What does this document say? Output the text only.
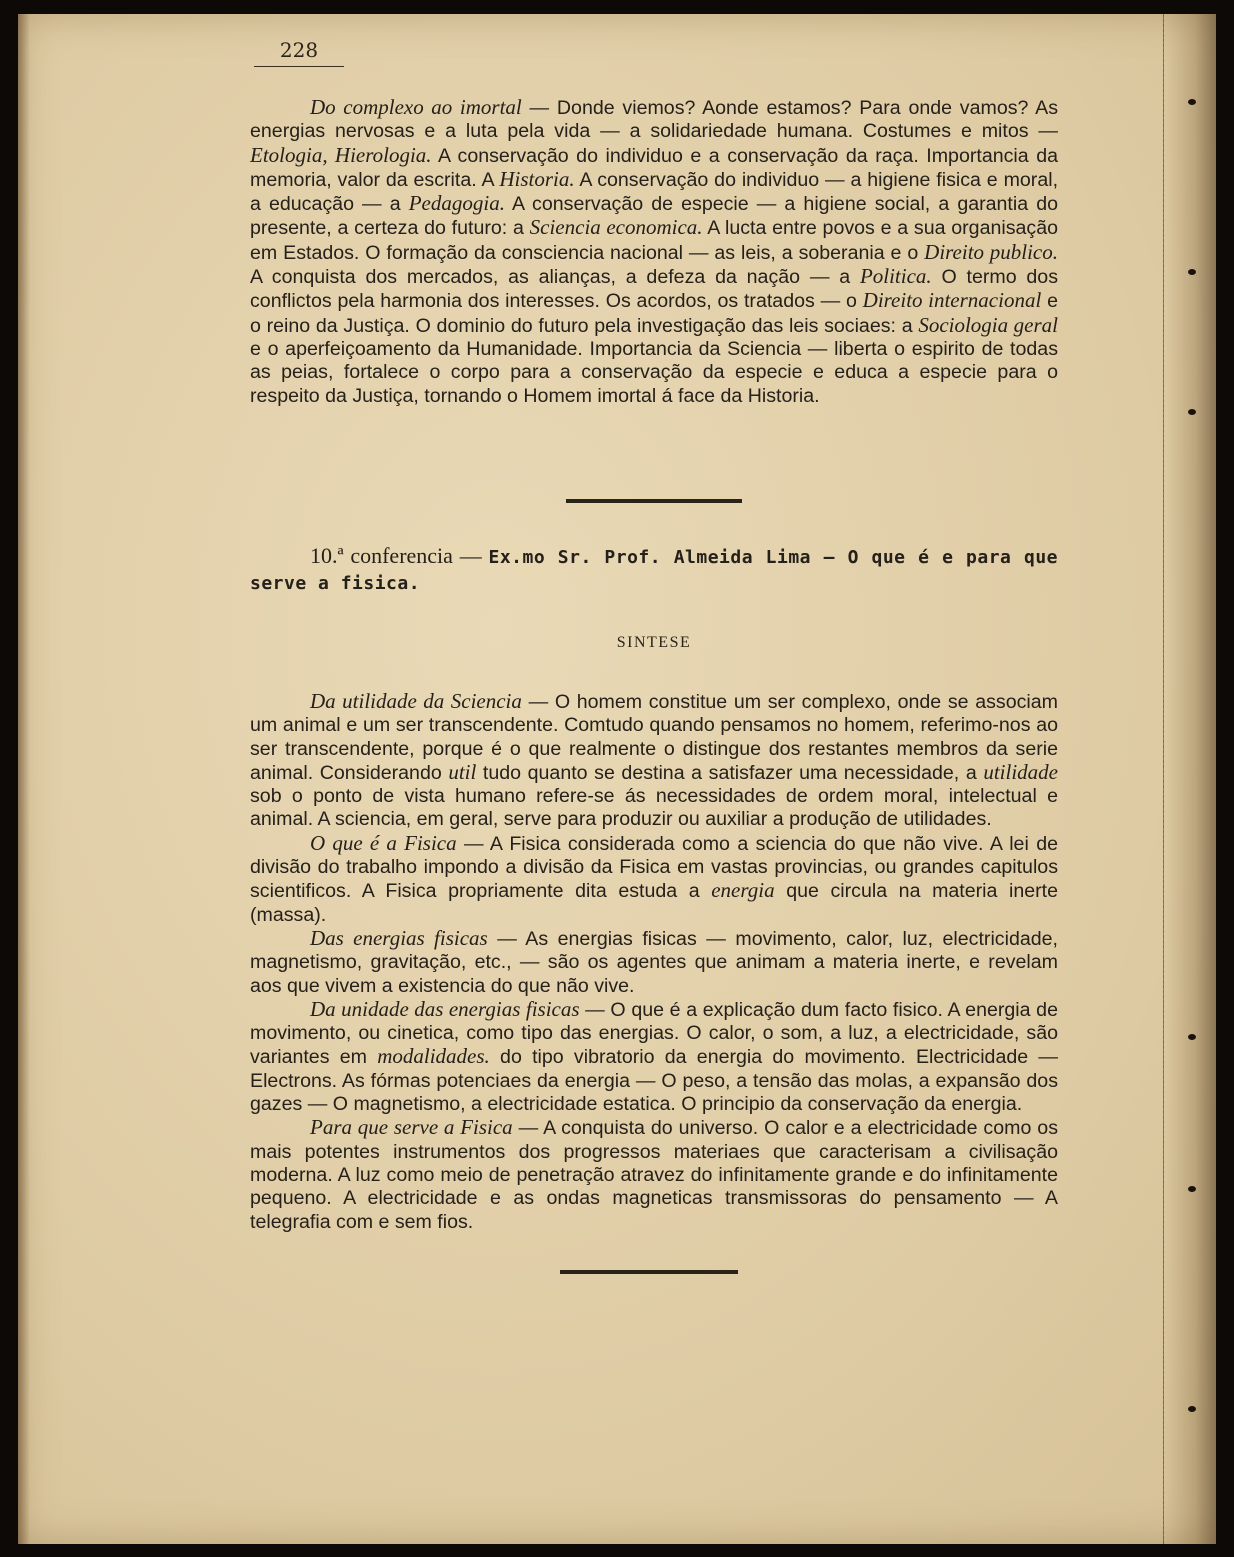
228

Do complexo ao imortal — Donde viemos? Aonde estamos? Para onde vamos? As energias nervosas e a luta pela vida — a solidariedade humana. Costumes e mitos — Etologia, Hierologia. A conservação do individuo e a conservação da raça. Importancia da memoria, valor da escrita. A Historia. A conservação do individuo — a higiene fisica e moral, a educação — a Pedagogia. A conservação de especie — a higiene social, a garantia do presente, a certeza do futuro: a Sciencia economica. A lucta entre povos e a sua organisação em Estados. O formação da consciencia nacional — as leis, a soberania e o Direito publico. A conquista dos mercados, as alianças, a defeza da nação — a Politica. O termo dos conflictos pela harmonia dos interesses. Os acordos, os tratados — o Direito internacional e o reino da Justiça. O dominio do futuro pela investigação das leis sociaes: a Sociologia geral e o aperfeiçoamento da Humanidade. Importancia da Sciencia — liberta o espirito de todas as peias, fortalece o corpo para a conservação da especie e educa a especie para o respeito da Justiça, tornando o Homem imortal á face da Historia.

10.ª conferencia — Ex.mo Sr. Prof. Almeida Lima — O que é e para que serve a fisica.
SINTESE

Da utilidade da Sciencia — O homem constitue um ser complexo, onde se associam um animal e um ser transcendente. Comtudo quando pensamos no homem, referimo-nos ao ser transcendente, porque é o que realmente o distingue dos restantes membros da serie animal. Considerando util tudo quanto se destina a satisfazer uma necessidade, a utilidade sob o ponto de vista humano refere-se ás necessidades de ordem moral, intelectual e animal. A sciencia, em geral, serve para produzir ou auxiliar a produção de utilidades.

O que é a Fisica — A Fisica considerada como a sciencia do que não vive. A lei de divisão do trabalho impondo a divisão da Fisica em vastas provincias, ou grandes capitulos scientificos. A Fisica propriamente dita estuda a energia que circula na materia inerte (massa).

Das energias fisicas — As energias fisicas — movimento, calor, luz, electricidade, magnetismo, gravitação, etc., — são os agentes que animam a materia inerte, e revelam aos que vivem a existencia do que não vive.

Da unidade das energias fisicas — O que é a explicação dum facto fisico. A energia de movimento, ou cinetica, como tipo das energias. O calor, o som, a luz, a electricidade, são variantes em modalidades. do tipo vibratorio da energia do movimento. Electricidade — Electrons. As fórmas potenciaes da energia — O peso, a tensão das molas, a expansão dos gazes — O magnetismo, a electricidade estatica. O principio da conservação da energia.

Para que serve a Fisica — A conquista do universo. O calor e a electricidade como os mais potentes instrumentos dos progressos materiaes que caracterisam a civilisação moderna. A luz como meio de penetração atravez do infinitamente grande e do infinitamente pequeno. A electricidade e as ondas magneticas transmissoras do pensamento — A telegrafia com e sem fios.
